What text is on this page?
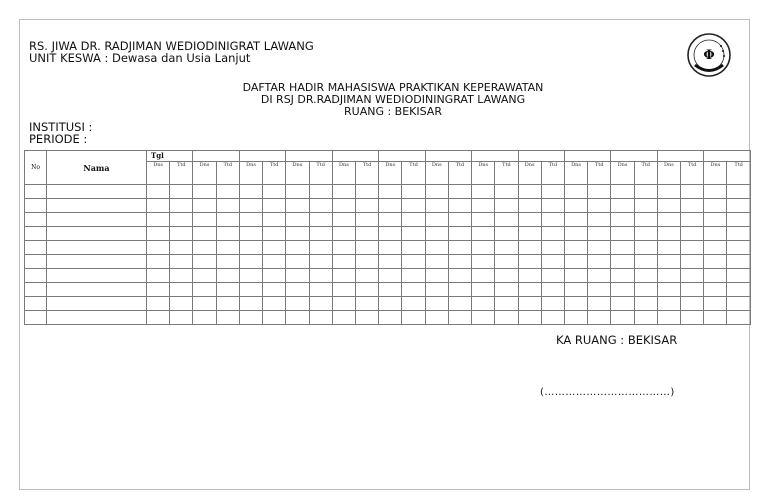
RS. JIWA DR. RADJIMAN WEDIODINIGRAT LAWANG
UNIT KESWA : Dewasa dan Usia Lanjut
DAFTAR HADIR MAHASISWA PRAKTIKAN KEPERAWATAN
DI RSJ DR.RADJIMAN WEDIODININGRAT LAWANG
RUANG : BEKISAR
INSTITUSI :
PERIODE :
Φ
No	Nama	Tgl																									
		Dns	Ttd	Dns	Ttd	Dns	Ttd	Dns	Ttd	Dns	Ttd	Dns	Ttd	Dns	Ttd	Dns	Ttd	Dns	Ttd	Dns	Ttd	Dns	Ttd	Dns	Ttd	Dns	Ttd

KA RUANG : BEKISAR
(………………………………)
